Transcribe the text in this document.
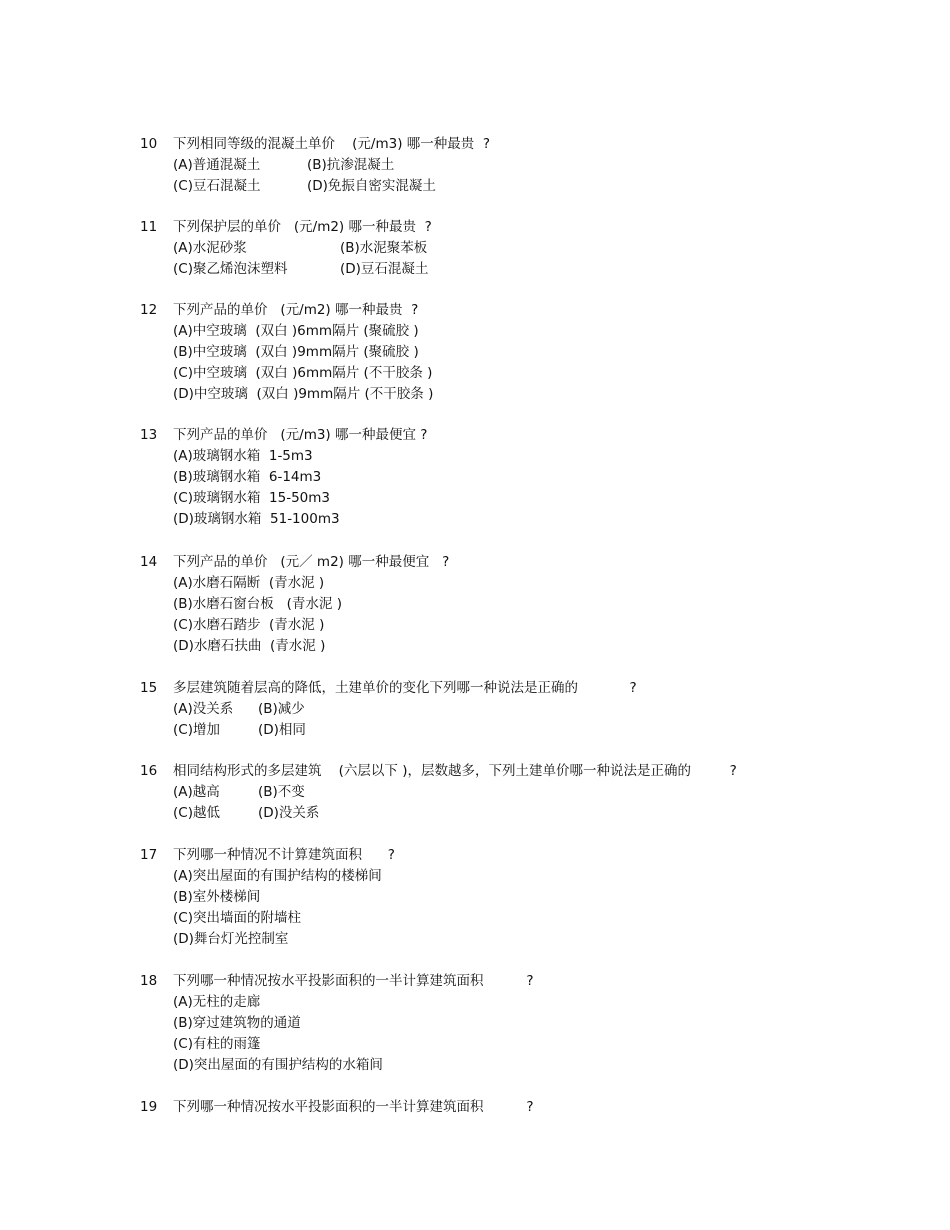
10 下列相同等级的混凝土单价    (元/m3) 哪一种最贵  ?
(A)普通混凝土	(B)抗渗混凝土
(C)豆石混凝土	(D)免振自密实混凝土
11 下列保护层的单价   (元/m2) 哪一种最贵  ?
(A)水泥砂浆	(B)水泥聚苯板
(C)聚乙烯泡沫塑料	(D)豆石混凝土
12 下列产品的单价   (元/m2) 哪一种最贵  ?
(A)中空玻璃  (双白 )6mm隔片 (聚硫胶 )
(B)中空玻璃  (双白 )9mm隔片 (聚硫胶 )
(C)中空玻璃  (双白 )6mm隔片 (不干胶条 )
(D)中空玻璃  (双白 )9mm隔片 (不干胶条 )
13 下列产品的单价   (元/m3) 哪一种最便宜 ?
(A)玻璃钢水箱  1-5m3
(B)玻璃钢水箱  6-14m3
(C)玻璃钢水箱  15-50m3
(D)玻璃钢水箱  51-100m3
14 下列产品的单价   (元／ m2) 哪一种最便宜   ?
(A)水磨石隔断  (青水泥 )
(B)水磨石窗台板   (青水泥 )
(C)水磨石踏步  (青水泥 )
(D)水磨石扶曲  (青水泥 )
15 多层建筑随着层高的降低，土建单价的变化下列哪一种说法是正确的            ?
(A)没关系 (B)减少
(C)增加	(D)相同
16 相同结构形式的多层建筑    (六层以下 )，层数越多，下列土建单价哪一种说法是正确的         ?
(A)越高	(B)不变
(C)越低	(D)没关系
17 下列哪一种情况不计算建筑面积      ?
(A)突出屋面的有围护结构的楼梯间
(B)室外楼梯间
(C)突出墙面的附墙柱
(D)舞台灯光控制室
18 下列哪一种情况按水平投影面积的一半计算建筑面积          ?
(A)无柱的走廊
(B)穿过建筑物的通道
(C)有柱的雨篷
(D)突出屋面的有围护结构的水箱间
19 下列哪一种情况按水平投影面积的一半计算建筑面积          ?
